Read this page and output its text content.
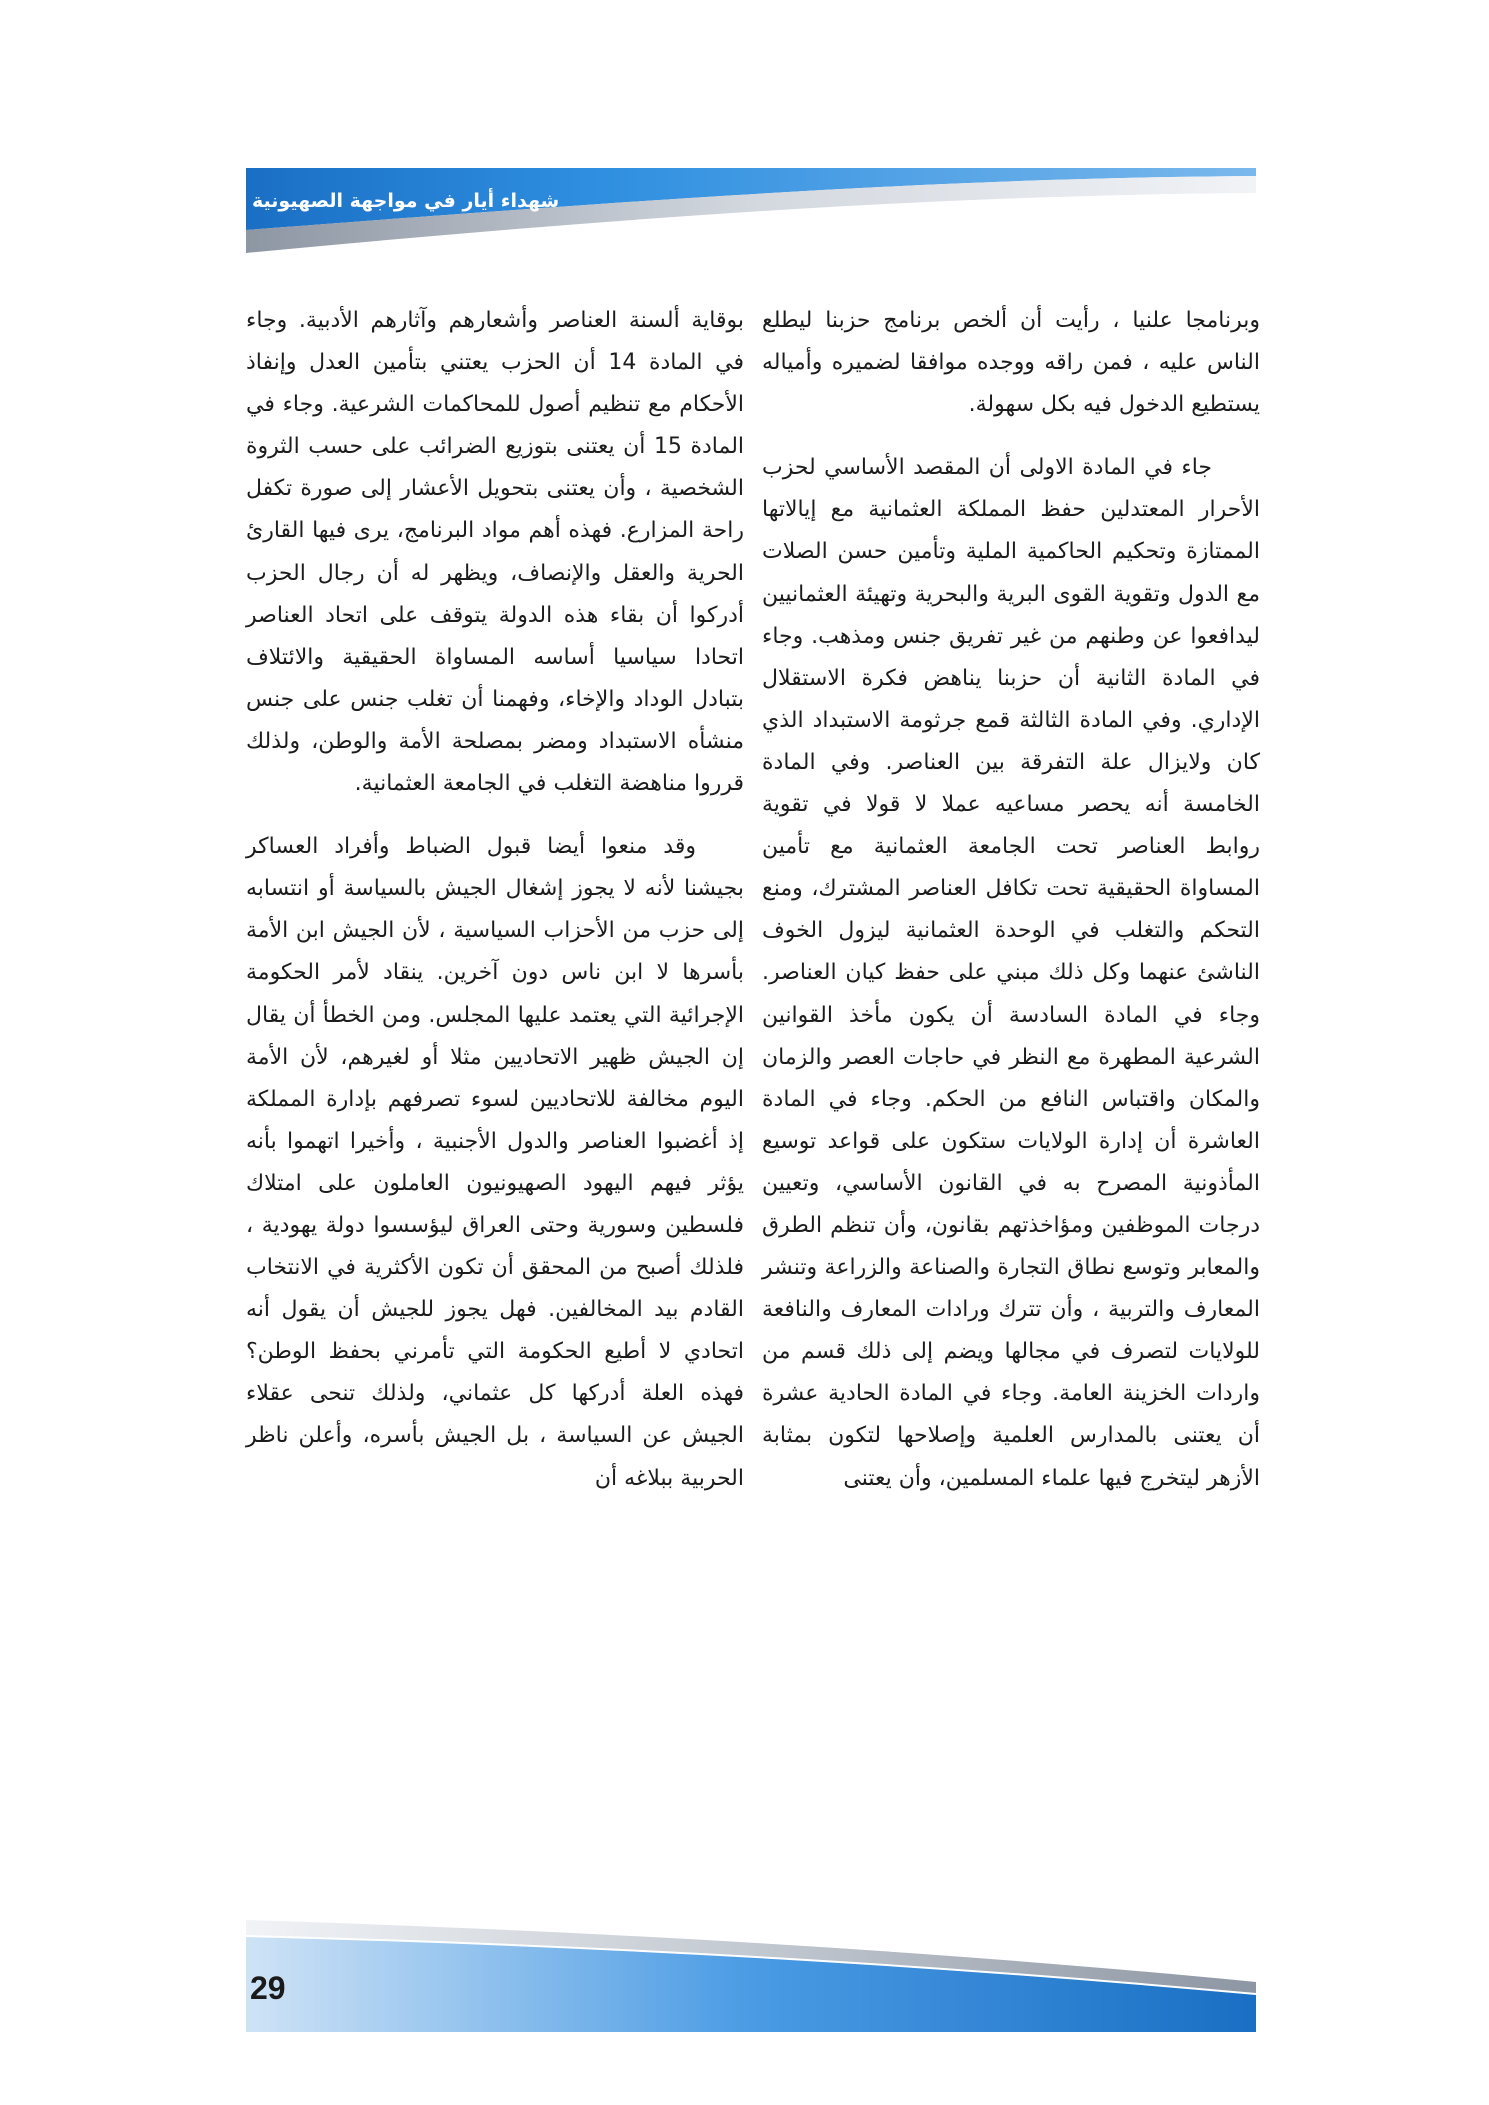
شهداء أيار في مواجهة الصهيونية

وبرنامجا علنيا ، رأيت أن ألخص برنامج حزبنا ليطلع الناس عليه ، فمن راقه ووجده موافقا لضميره وأمياله يستطيع الدخول فيه بكل سهولة.

جاء في المادة الاولى أن المقصد الأساسي لحزب الأحرار المعتدلين حفظ المملكة العثمانية مع إيالاتها الممتازة وتحكيم الحاكمية الملية وتأمين حسن الصلات مع الدول وتقوية القوى البرية والبحرية وتهيئة العثمانيين ليدافعوا عن وطنهم من غير تفريق جنس ومذهب. وجاء في المادة الثانية أن حزبنا يناهض فكرة الاستقلال الإداري. وفي المادة الثالثة قمع جرثومة الاستبداد الذي كان ولايزال علة التفرقة بين العناصر. وفي المادة الخامسة أنه يحصر مساعيه عملا لا قولا في تقوية روابط العناصر تحت الجامعة العثمانية مع تأمين المساواة الحقيقية تحت تكافل العناصر المشترك، ومنع التحكم والتغلب في الوحدة العثمانية ليزول الخوف الناشئ عنهما وكل ذلك مبني على حفظ كيان العناصر. وجاء في المادة السادسة أن يكون مأخذ القوانين الشرعية المطهرة مع النظر في حاجات العصر والزمان والمكان واقتباس النافع من الحكم. وجاء في المادة العاشرة أن إدارة الولايات ستكون على قواعد توسيع المأذونية المصرح به في القانون الأساسي، وتعيين درجات الموظفين ومؤاخذتهم بقانون، وأن تنظم الطرق والمعابر وتوسع نطاق التجارة والصناعة والزراعة وتنشر المعارف والتربية ، وأن تترك ورادات المعارف والنافعة للولايات لتصرف في مجالها ويضم إلى ذلك قسم من واردات الخزينة العامة. وجاء في المادة الحادية عشرة أن يعتنى بالمدارس العلمية وإصلاحها لتكون بمثابة الأزهر ليتخرج فيها علماء المسلمين، وأن يعتنى

بوقاية ألسنة العناصر وأشعارهم وآثارهم الأدبية. وجاء في المادة 14 أن الحزب يعتني بتأمين العدل وإنفاذ الأحكام مع تنظيم أصول للمحاكمات الشرعية. وجاء في المادة 15 أن يعتنى بتوزيع الضرائب على حسب الثروة الشخصية ، وأن يعتنى بتحويل الأعشار إلى صورة تكفل راحة المزارع. فهذه أهم مواد البرنامج، يرى فيها القارئ الحرية والعقل والإنصاف، ويظهر له أن رجال الحزب أدركوا أن بقاء هذه الدولة يتوقف على اتحاد العناصر اتحادا سياسيا أساسه المساواة الحقيقية والائتلاف بتبادل الوداد والإخاء، وفهمنا أن تغلب جنس على جنس منشأه الاستبداد ومضر بمصلحة الأمة والوطن، ولذلك قرروا مناهضة التغلب في الجامعة العثمانية.

وقد منعوا أيضا قبول الضباط وأفراد العساكر بجيشنا لأنه لا يجوز إشغال الجيش بالسياسة أو انتسابه إلى حزب من الأحزاب السياسية ، لأن الجيش ابن الأمة بأسرها لا ابن ناس دون آخرين. ينقاد لأمر الحكومة الإجرائية التي يعتمد عليها المجلس. ومن الخطأ أن يقال إن الجيش ظهير الاتحاديين مثلا أو لغيرهم، لأن الأمة اليوم مخالفة للاتحاديين لسوء تصرفهم بإدارة المملكة إذ أغضبوا العناصر والدول الأجنبية ، وأخيرا اتهموا بأنه يؤثر فيهم اليهود الصهيونيون العاملون على امتلاك فلسطين وسورية وحتى العراق ليؤسسوا دولة يهودية ، فلذلك أصبح من المحقق أن تكون الأكثرية في الانتخاب القادم بيد المخالفين. فهل يجوز للجيش أن يقول أنه اتحادي لا أطيع الحكومة التي تأمرني بحفظ الوطن؟ فهذه العلة أدركها كل عثماني، ولذلك تنحى عقلاء الجيش عن السياسة ، بل الجيش بأسره، وأعلن ناظر الحربية ببلاغه أن

29
